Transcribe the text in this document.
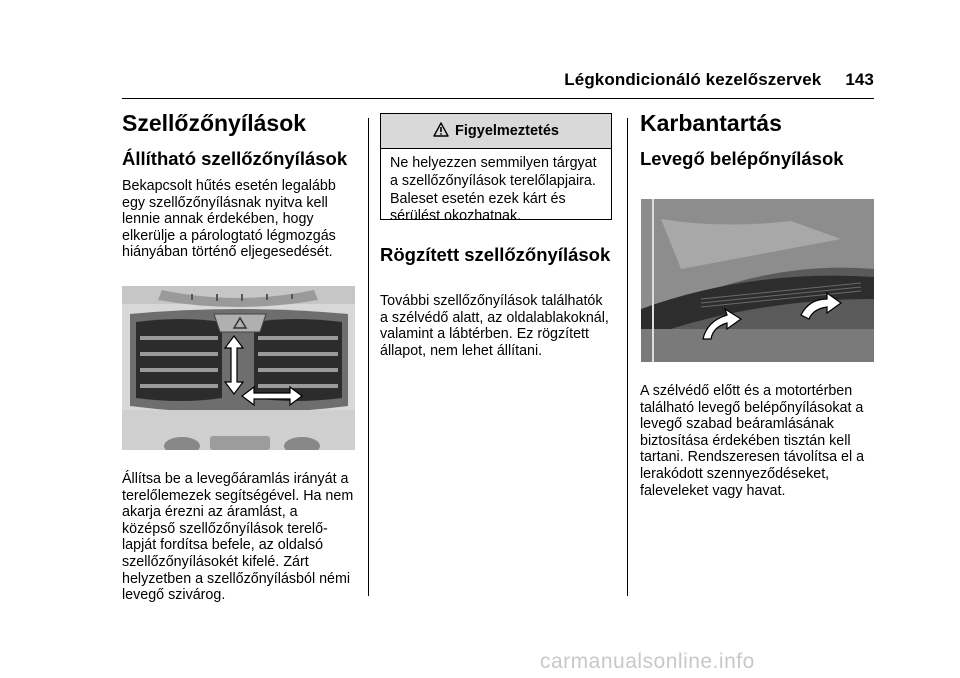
Légkondicionáló kezelőszervek 143
Szellőzőnyílások
Állítható szellőzőnyílások
Bekapcsolt hűtés esetén legalább
egy szellőzőnyílásnak nyitva kell
lennie annak érdekében, hogy
elkerülje a párologtató légmozgás
hiányában történő eljegesedését.
Állítsa be a levegőáramlás irányát a
terelőlemezek segítségével. Ha nem
akarja érezni az áramlást, a
középső szellőzőnyílások terelő-
lapját fordítsa befele, az oldalsó
szellőzőnyílásokét kifelé. Zárt
helyzetben a szellőzőnyílásból némi
levegő szivárog.
Figyelmeztetés
Ne helyezzen semmilyen tárgyat
a szellőzőnyílások terelőlapjaira.
Baleset esetén ezek kárt és
sérülést okozhatnak.
Rögzített szellőzőnyílások
További szellőzőnyílások találhatók
a szélvédő alatt, az oldalablakoknál,
valamint a lábtérben. Ez rögzített
állapot, nem lehet állítani.
Karbantartás
Levegő belépőnyílások
A szélvédő előtt és a motortérben
található levegő belépőnyílásokat a
levegő szabad beáramlásának
biztosítása érdekében tisztán kell
tartani. Rendszeresen távolítsa el a
lerakódott szennyeződéseket,
faleveleket vagy havat.
carmanualsonline.info
